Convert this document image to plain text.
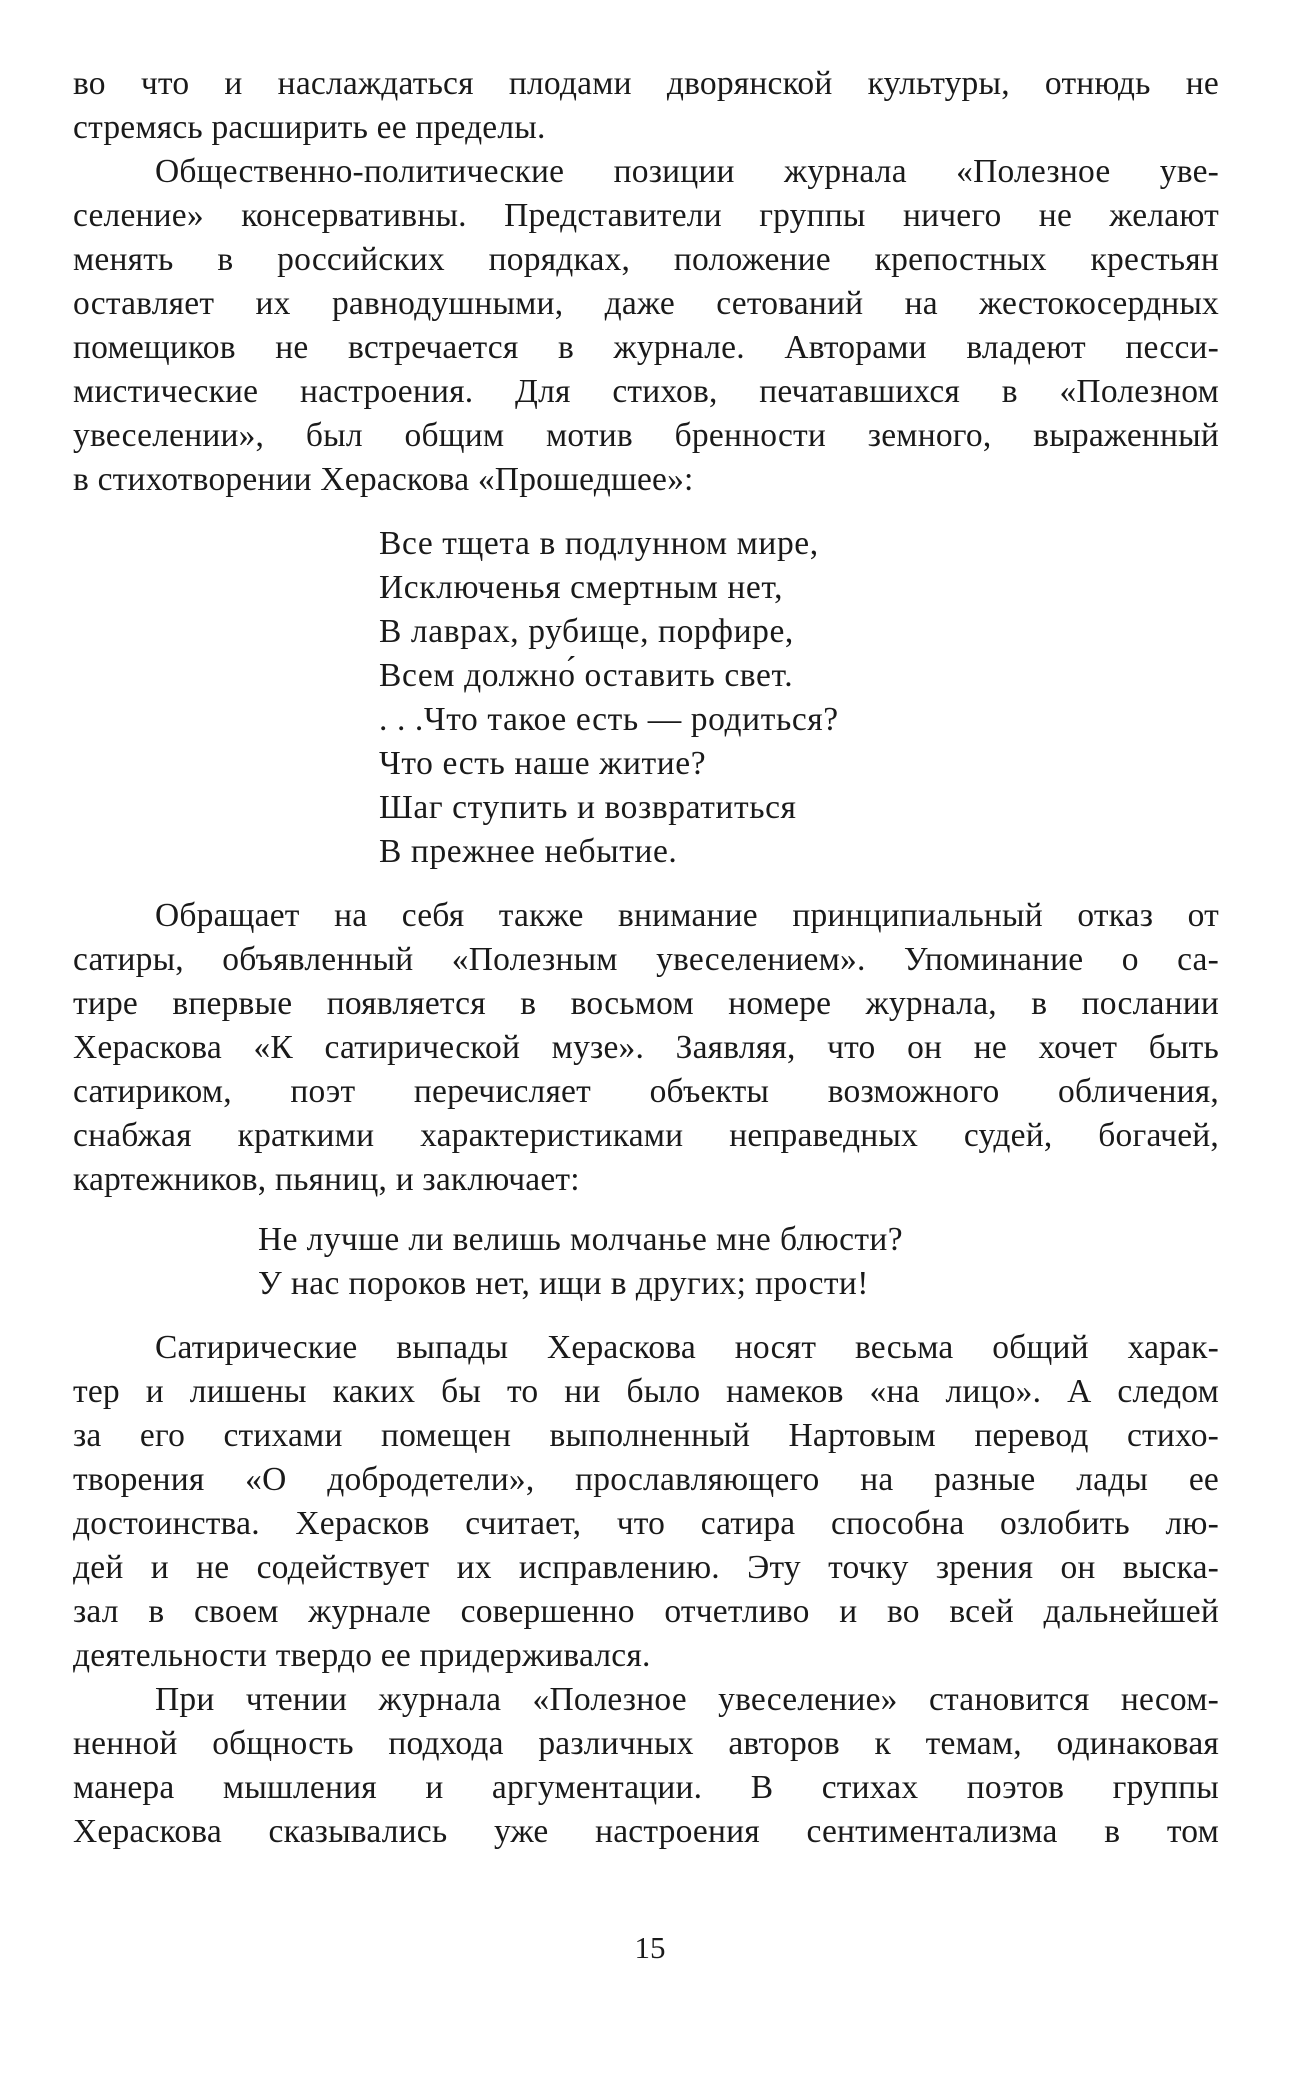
во что и наслаждаться плодами дворянской культуры, отнюдь не
стремясь расширить ее пределы.
Общественно-политические позиции журнала «Полезное уве-
селение» консервативны. Представители группы ничего не желают
менять в российских порядках, положение крепостных крестьян
оставляет их равнодушными, даже сетований на жестокосердных
помещиков не встречается в журнале. Авторами владеют песси-
мистические настроения. Для стихов, печатавшихся в «Полезном
увеселении», был общим мотив бренности земного, выраженный
в стихотворении Хераскова «Прошедшее»:
Все тщета в подлунном мире,
Исключенья смертным нет,
В лаврах, рубище, порфире,
Всем должно́ оставить свет.
. . .Что такое есть — родиться?
Что есть наше житие?
Шаг ступить и возвратиться
В прежнее небытие.
Обращает на себя также внимание принципиальный отказ от
сатиры, объявленный «Полезным увеселением». Упоминание о са-
тире впервые появляется в восьмом номере журнала, в послании
Хераскова «К сатирической музе». Заявляя, что он не хочет быть
сатириком, поэт перечисляет объекты возможного обличения,
снабжая краткими характеристиками неправедных судей, богачей,
картежников, пьяниц, и заключает:
Не лучше ли велишь молчанье мне блюсти?
У нас пороков нет, ищи в других; прости!
Сатирические выпады Хераскова носят весьма общий харак-
тер и лишены каких бы то ни было намеков «на лицо». А следом
за его стихами помещен выполненный Нартовым перевод стихо-
творения «О добродетели», прославляющего на разные лады ее
достоинства. Херасков считает, что сатира способна озлобить лю-
дей и не содействует их исправлению. Эту точку зрения он выска-
зал в своем журнале совершенно отчетливо и во всей дальнейшей
деятельности твердо ее придерживался.
При чтении журнала «Полезное увеселение» становится несом-
ненной общность подхода различных авторов к темам, одинаковая
манера мышления и аргументации. В стихах поэтов группы
Хераскова сказывались уже настроения сентиментализма в том
15
